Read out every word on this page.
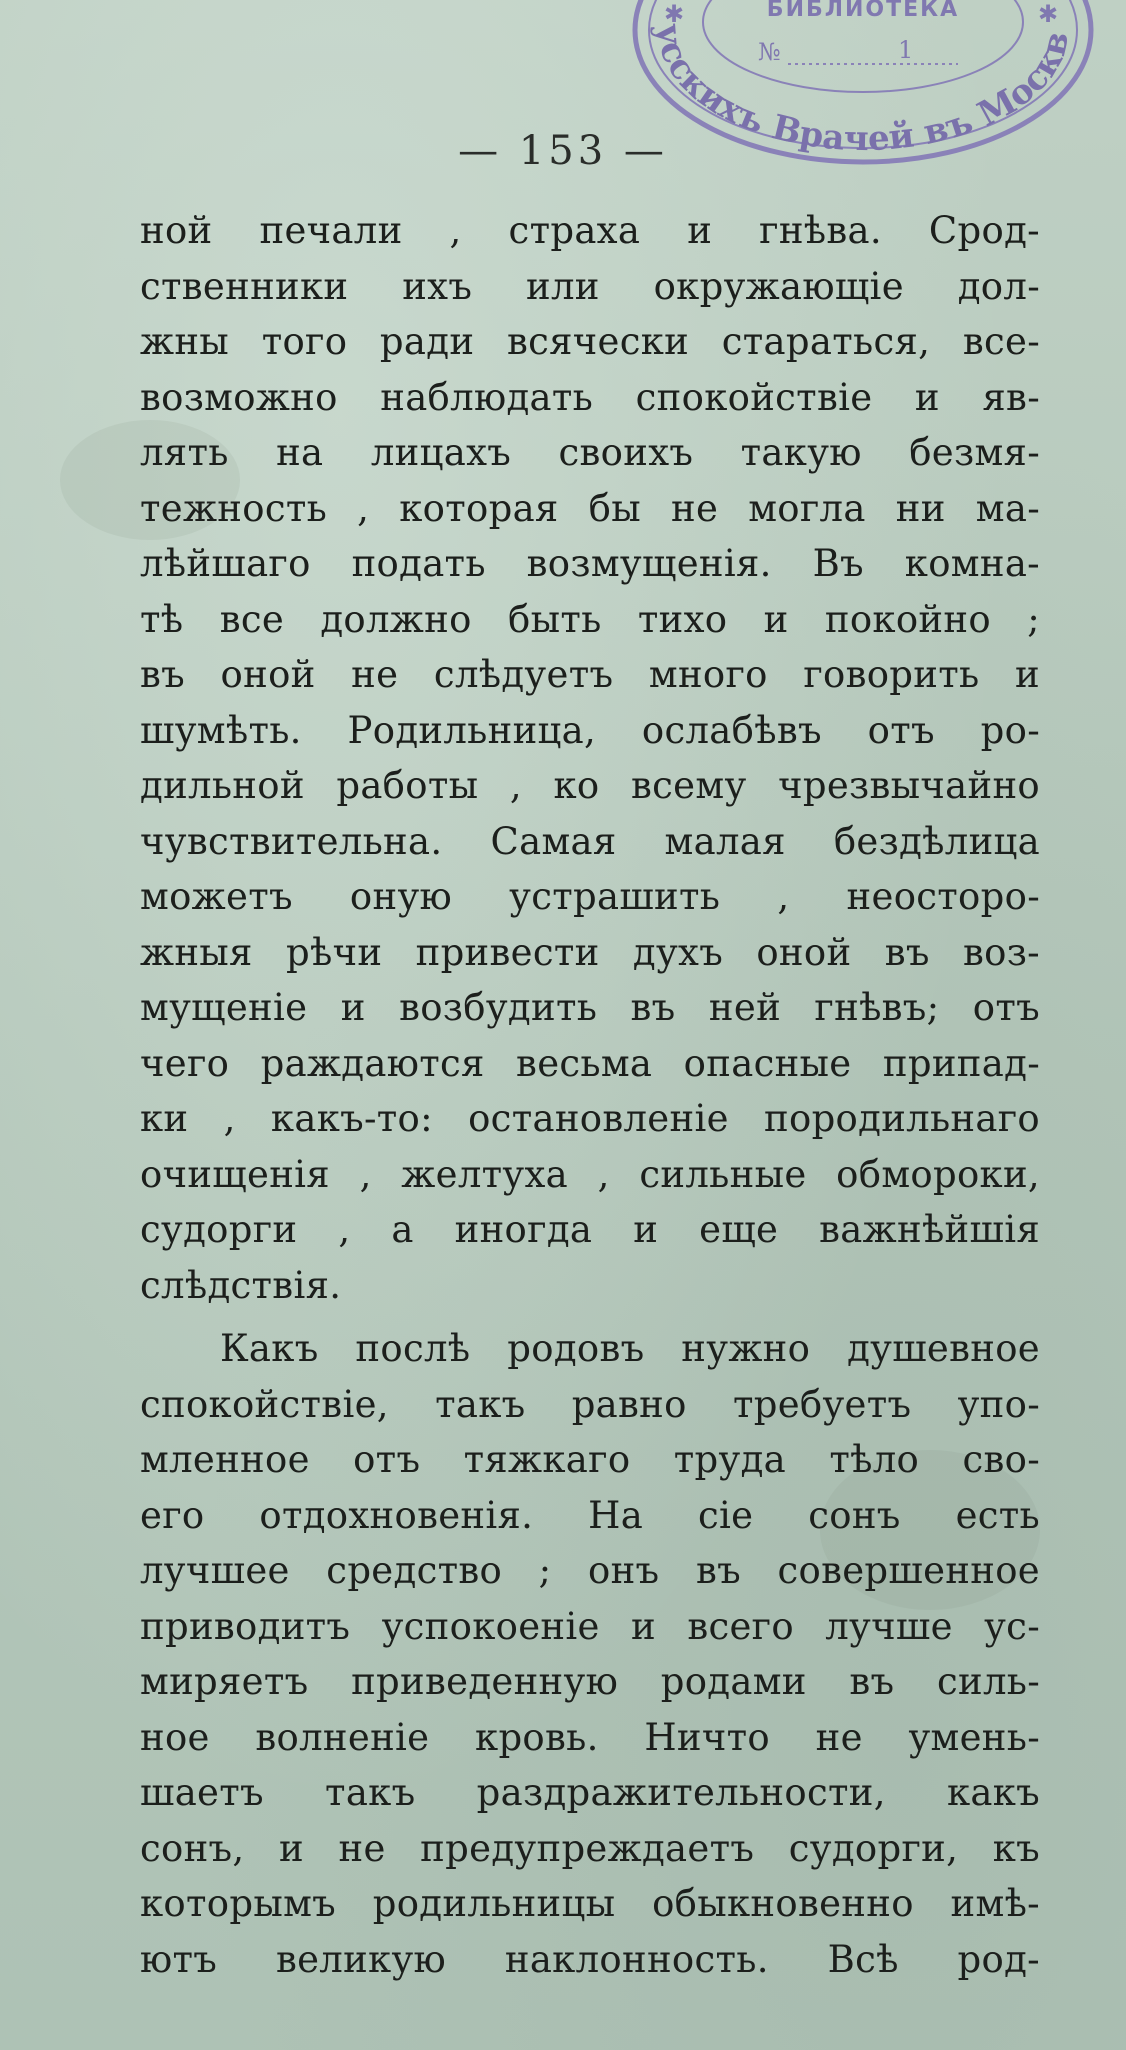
✱	✱
БИБЛИОТЕКА
№	1
усскихъ Врачей въ Москв
— 153 —
ной печали , страха и гнѣва. Срод-
ственники ихъ или окружающіе дол-
жны того ради всячески стараться, все-
возможно наблюдать спокойствіе и яв-
лять на лицахъ своихъ такую безмя-
тежность , которая бы не могла ни ма-
лѣйшаго подать возмущенія. Въ комна-
тѣ все должно быть тихо и покойно ;
въ оной не слѣдуетъ много говорить и
шумѣть. Родильница, ослабѣвъ отъ ро-
дильной работы , ко всему чрезвычайно
чувствительна. Самая малая бездѣлица
можетъ оную устрашить , неосторо-
жныя рѣчи привести духъ оной въ воз-
мущеніе и возбудить въ ней гнѣвъ; отъ
чего раждаются весьма опасные припад-
ки , какъ-то: остановленіе породильнаго
очищенія , желтуха , сильные обмороки,
судорги , а иногда и еще важнѣйшія
слѣдствія.
Какъ послѣ родовъ нужно душевное
спокойствіе, такъ равно требуетъ упо-
мленное отъ тяжкаго труда тѣло сво-
его отдохновенія. На сіе сонъ есть
лучшее средство ; онъ въ совершенное
приводитъ успокоеніе и всего лучше ус-
миряетъ приведенную родами въ силь-
ное волненіе кровь. Ничто не умень-
шаетъ такъ раздражительности, какъ
сонъ, и не предупреждаетъ судорги, къ
которымъ родильницы обыкновенно имѣ-
ютъ великую наклонность. Всѣ род-
